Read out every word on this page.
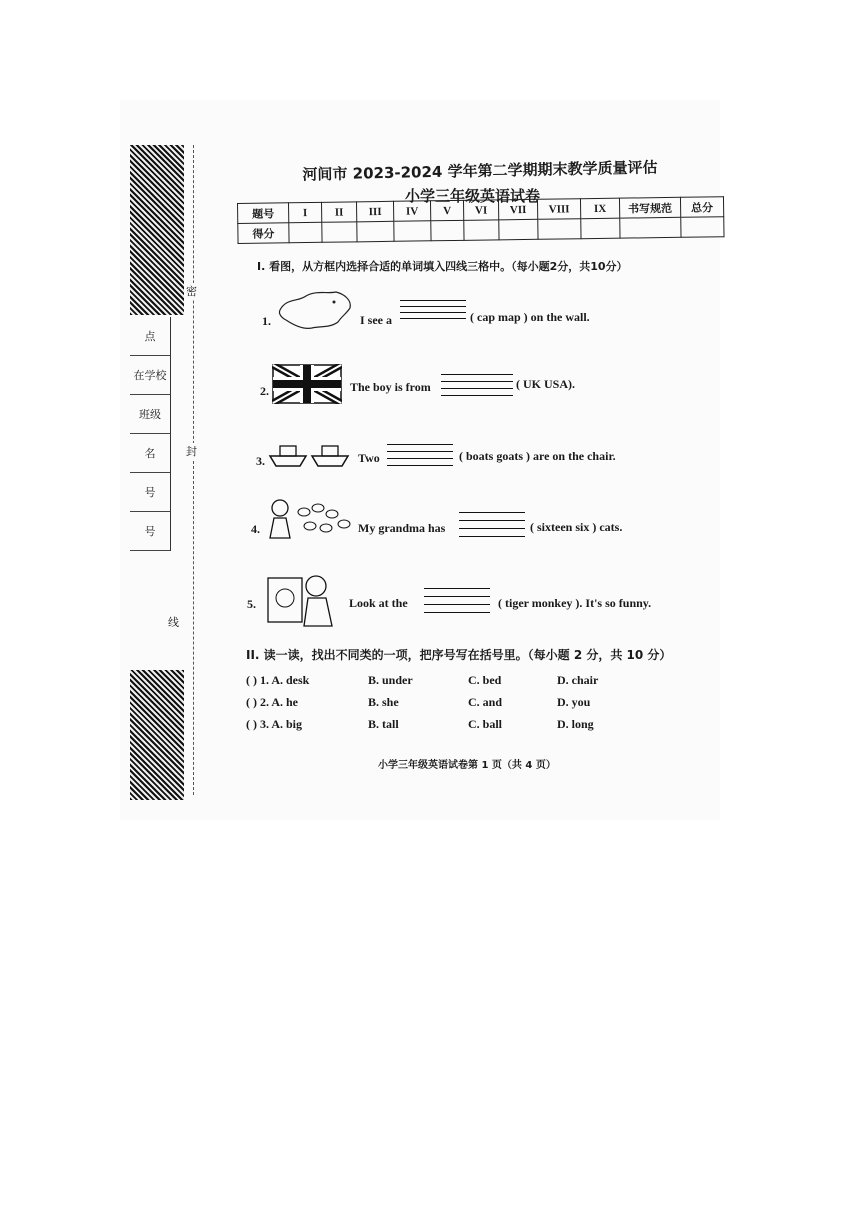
点
在学校
班级
名
号
号
密
封
线
河间市 2023-2024 学年第二学期期末教学质量评估
小学三年级英语试卷
题号	I	II	III	IV	V	VI	VII	VIII	IX	书写规范	总分
得分											
I. 看图，从方框内选择合适的单词填入四线三格中。（每小题2分，共10分）
1.	I see a	( cap map ) on the wall.
2.	The boy is from	( UK USA).
3.	Two	( boats goats ) are on the chair.
4.	My grandma has	( sixteen six ) cats.
5.	Look at the	( tiger monkey ). It's so funny.
II. 读一读，找出不同类的一项，把序号写在括号里。（每小题 2 分，共 10 分）
( ) 1. A. desk	B. under	C. bed	D. chair
( ) 2. A. he	B. she	C. and	D. you
( ) 3. A. big	B. tall	C. ball	D. long
小学三年级英语试卷第 1 页（共 4 页）
